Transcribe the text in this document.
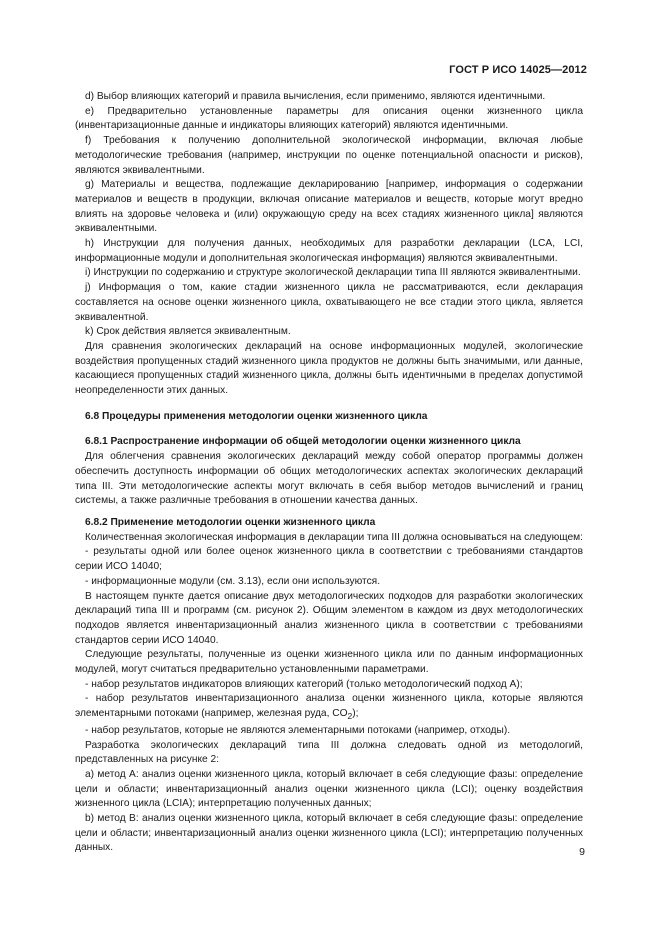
ГОСТ Р ИСО 14025—2012

d) Выбор влияющих категорий и правила вычисления, если применимо, являются идентичными.

e) Предварительно установленные параметры для описания оценки жизненного цикла (инвентаризационные данные и индикаторы влияющих категорий) являются идентичными.

f) Требования к получению дополнительной экологической информации, включая любые методологические требования (например, инструкции по оценке потенциальной опасности и рисков), являются эквивалентными.

g) Материалы и вещества, подлежащие декларированию [например, информация о содержании материалов и веществ в продукции, включая описание материалов и веществ, которые могут вредно влиять на здоровье человека и (или) окружающую среду на всех стадиях жизненного цикла] являются эквивалентными.

h) Инструкции для получения данных, необходимых для разработки декларации (LCA, LCI, информационные модули и дополнительная экологическая информация) являются эквивалентными.

i) Инструкции по содержанию и структуре экологической декларации типа III являются эквивалентными.

j) Информация о том, какие стадии жизненного цикла не рассматриваются, если декларация составляется на основе оценки жизненного цикла, охватывающего не все стадии этого цикла, является эквивалентной.

k) Срок действия является эквивалентным.

Для сравнения экологических деклараций на основе информационных модулей, экологические воздействия пропущенных стадий жизненного цикла продуктов не должны быть значимыми, или данные, касающиеся пропущенных стадий жизненного цикла, должны быть идентичными в пределах допустимой неопределенности этих данных.

6.8 Процедуры применения методологии оценки жизненного цикла

6.8.1 Распространение информации об общей методологии оценки жизненного цикла

Для облегчения сравнения экологических деклараций между собой оператор программы должен обеспечить доступность информации об общих методологических аспектах экологических деклараций типа III. Эти методологические аспекты могут включать в себя выбор методов вычислений и границ системы, а также различные требования в отношении качества данных.

6.8.2 Применение методологии оценки жизненного цикла

Количественная экологическая информация в декларации типа III должна основываться на следующем:

- результаты одной или более оценок жизненного цикла в соответствии с требованиями стандартов серии ИСО 14040;

- информационные модули (см. 3.13), если они используются.

В настоящем пункте дается описание двух методологических подходов для разработки экологических деклараций типа III и программ (см. рисунок 2). Общим элементом в каждом из двух методологических подходов является инвентаризационный анализ жизненного цикла в соответствии с требованиями стандартов серии ИСО 14040.

Следующие результаты, полученные из оценки жизненного цикла или по данным информационных модулей, могут считаться предварительно установленными параметрами.

- набор результатов индикаторов влияющих категорий (только методологический подход А);

- набор результатов инвентаризационного анализа оценки жизненного цикла, которые являются элементарными потоками (например, железная руда, $CO_2$);

- набор результатов, которые не являются элементарными потоками (например, отходы).

Разработка экологических деклараций типа III должна следовать одной из методологий, представленных на рисунке 2:

a) метод А: анализ оценки жизненного цикла, который включает в себя следующие фазы: определение цели и области; инвентаризационный анализ оценки жизненного цикла (LCI); оценку воздействия жизненного цикла (LCIA); интерпретацию полученных данных;

b) метод В: анализ оценки жизненного цикла, который включает в себя следующие фазы: определение цели и области; инвентаризационный анализ оценки жизненного цикла (LCI); интерпретацию полученных данных.	9
